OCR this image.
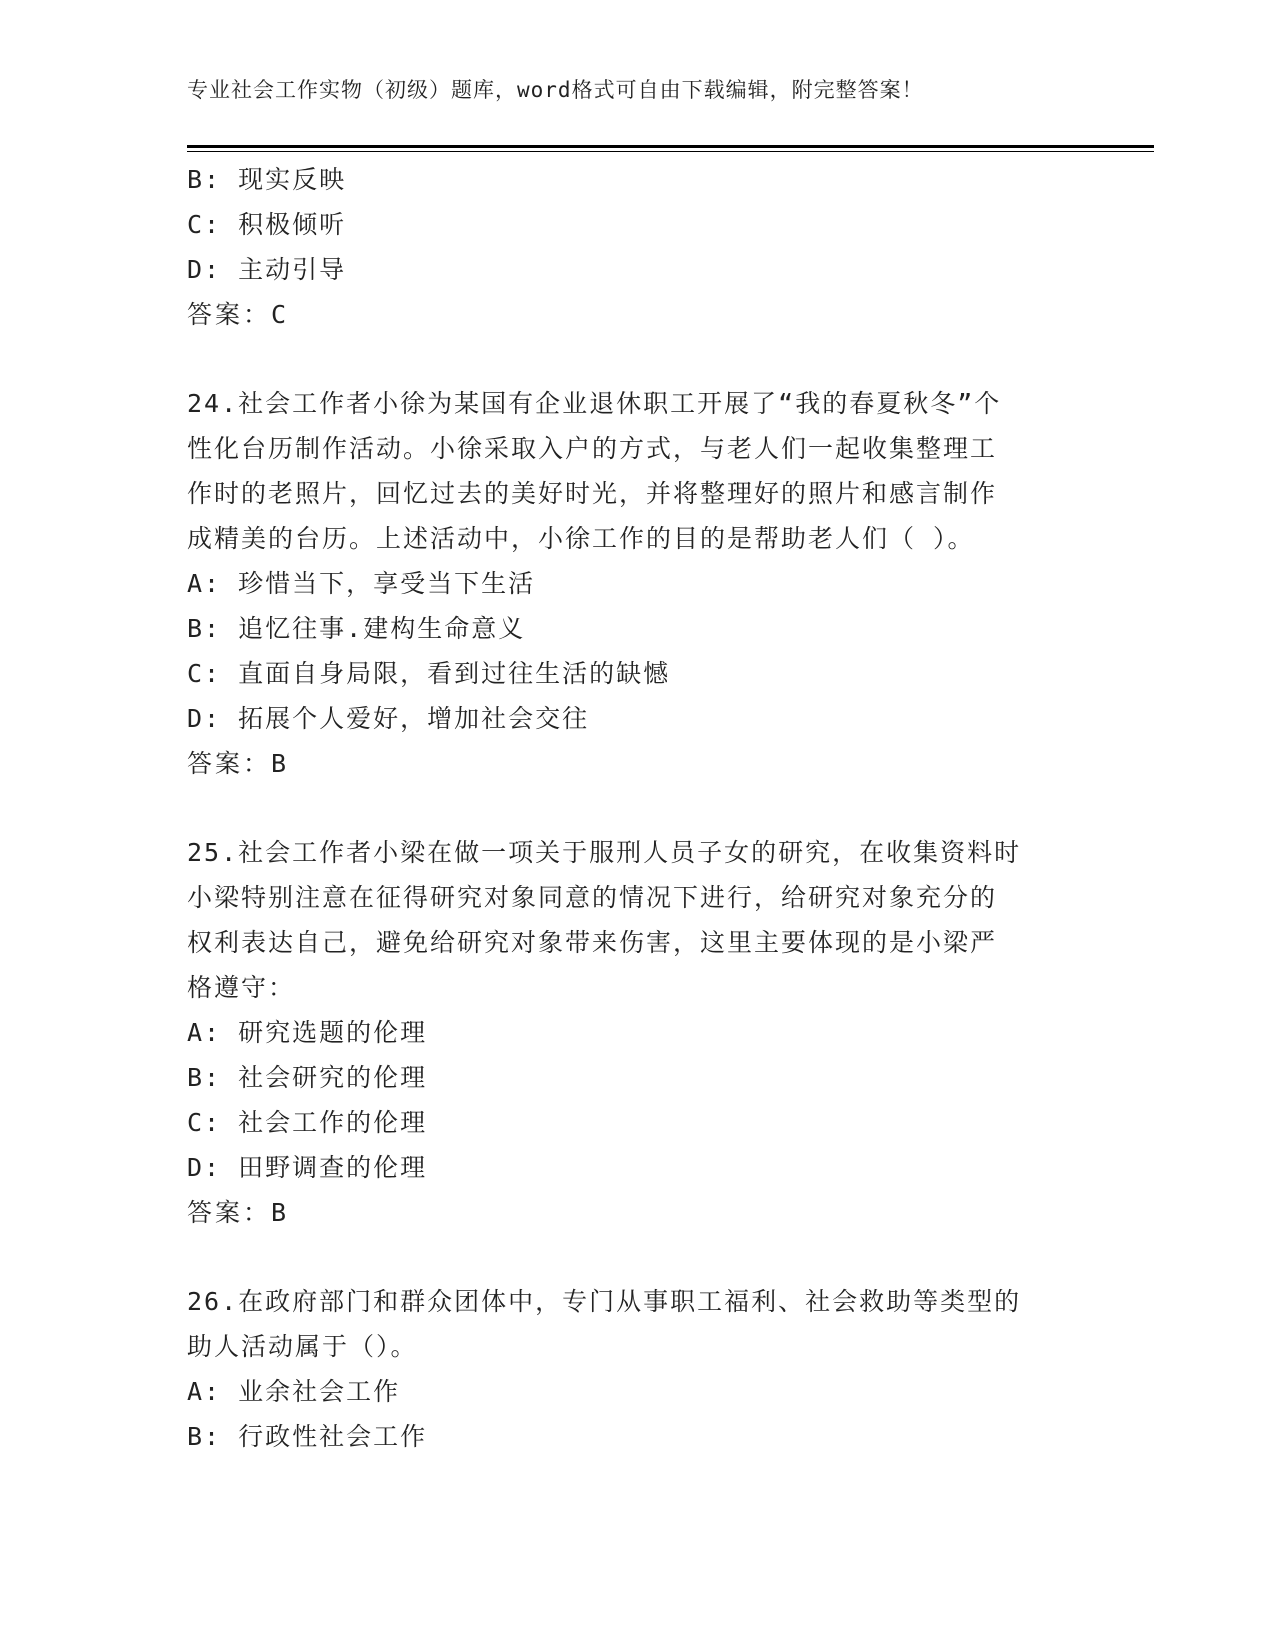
专业社会工作实物（初级）题库，word格式可自由下载编辑，附完整答案！
B: 现实反映
C: 积极倾听
D: 主动引导
答案：C
24.社会工作者小徐为某国有企业退休职工开展了“我的春夏秋冬”个
性化台历制作活动。小徐采取入户的方式，与老人们一起收集整理工
作时的老照片，回忆过去的美好时光，并将整理好的照片和感言制作
成精美的台历。上述活动中，小徐工作的目的是帮助老人们（ ）。
A: 珍惜当下，享受当下生活
B: 追忆往事.建构生命意义
C: 直面自身局限，看到过往生活的缺憾
D: 拓展个人爱好，增加社会交往
答案：B
25.社会工作者小梁在做一项关于服刑人员子女的研究，在收集资料时
小梁特别注意在征得研究对象同意的情况下进行，给研究对象充分的
权利表达自己，避免给研究对象带来伤害，这里主要体现的是小梁严
格遵守：
A: 研究选题的伦理
B: 社会研究的伦理
C: 社会工作的伦理
D: 田野调查的伦理
答案：B
26.在政府部门和群众团体中，专门从事职工福利、社会救助等类型的
助人活动属于（）。
A: 业余社会工作
B: 行政性社会工作
